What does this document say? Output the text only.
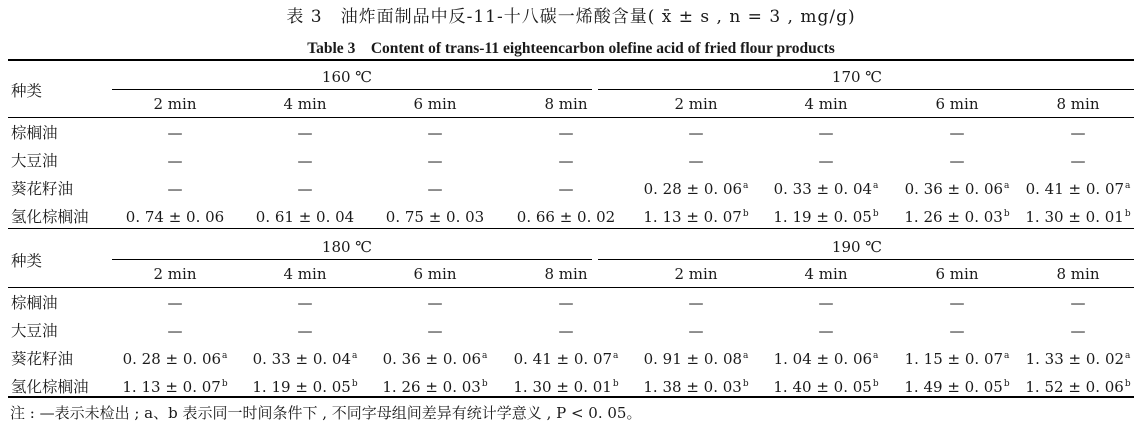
表 3　油炸面制品中反-11-十八碳一烯酸含量( x̄ ± s , n = 3 , mg/g)
Table 3　Content of trans-11 eighteencarbon olefine acid of fried flour products
种类
160 ℃	170 ℃
2 min	4 min	6 min	8 min	2 min	4 min	6 min	8 min
棕榈油	—	—	—	—	—	—	—	—
大豆油	—	—	—	—	—	—	—	—
葵花籽油	—	—	—	—	0. 28 ± 0. 06$^a$	0. 33 ± 0. 04$^a$	0. 36 ± 0. 06$^a$	0. 41 ± 0. 07$^a$
氢化棕榈油	0. 74 ± 0. 06	0. 61 ± 0. 04	0. 75 ± 0. 03	0. 66 ± 0. 02	1. 13 ± 0. 07$^b$	1. 19 ± 0. 05$^b$	1. 26 ± 0. 03$^b$	1. 30 ± 0. 01$^b$
种类
180 ℃	190 ℃
2 min	4 min	6 min	8 min	2 min	4 min	6 min	8 min
棕榈油	—	—	—	—	—	—	—	—
大豆油	—	—	—	—	—	—	—	—
葵花籽油	0. 28 ± 0. 06$^a$	0. 33 ± 0. 04$^a$	0. 36 ± 0. 06$^a$	0. 41 ± 0. 07$^a$	0. 91 ± 0. 08$^a$	1. 04 ± 0. 06$^a$	1. 15 ± 0. 07$^a$	1. 33 ± 0. 02$^a$
氢化棕榈油	1. 13 ± 0. 07$^b$	1. 19 ± 0. 05$^b$	1. 26 ± 0. 03$^b$	1. 30 ± 0. 01$^b$	1. 38 ± 0. 03$^b$	1. 40 ± 0. 05$^b$	1. 49 ± 0. 05$^b$	1. 52 ± 0. 06$^b$
注 : —表示未检出 ; a、b 表示同一时间条件下 , 不同字母组间差异有统计学意义 , P < 0. 05。
